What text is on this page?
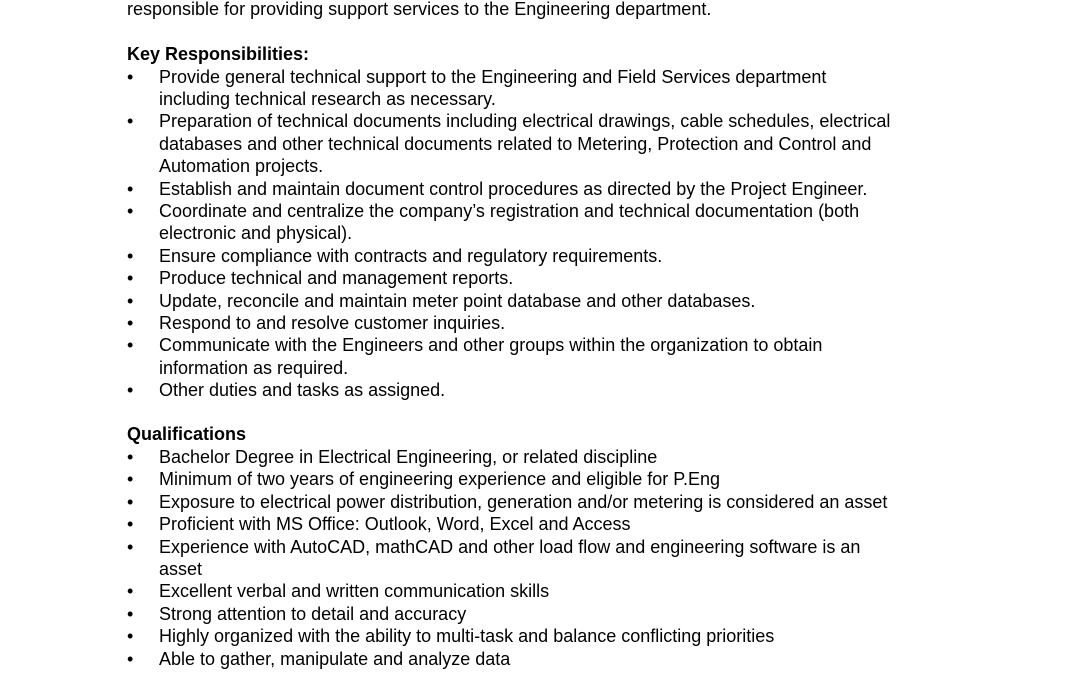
responsible for providing support services to the Engineering department.
Key Responsibilities:
•	Provide general technical support to the Engineering and Field Services department
including technical research as necessary.
•	Preparation of technical documents including electrical drawings, cable schedules, electrical
databases and other technical documents related to Metering, Protection and Control and
Automation projects.
•	Establish and maintain document control procedures as directed by the Project Engineer.
•	Coordinate and centralize the company’s registration and technical documentation (both
electronic and physical).
•	Ensure compliance with contracts and regulatory requirements.
•	Produce technical and management reports.
•	Update, reconcile and maintain meter point database and other databases.
•	Respond to and resolve customer inquiries.
•	Communicate with the Engineers and other groups within the organization to obtain
information as required.
•	Other duties and tasks as assigned.
Qualifications
•	Bachelor Degree in Electrical Engineering, or related discipline
•	Minimum of two years of engineering experience and eligible for P.Eng
•	Exposure to electrical power distribution, generation and/or metering is considered an asset
•	Proficient with MS Office: Outlook, Word, Excel and Access
•	Experience with AutoCAD, mathCAD and other load flow and engineering software is an
asset
•	Excellent verbal and written communication skills
•	Strong attention to detail and accuracy
•	Highly organized with the ability to multi-task and balance conflicting priorities
•	Able to gather, manipulate and analyze data
